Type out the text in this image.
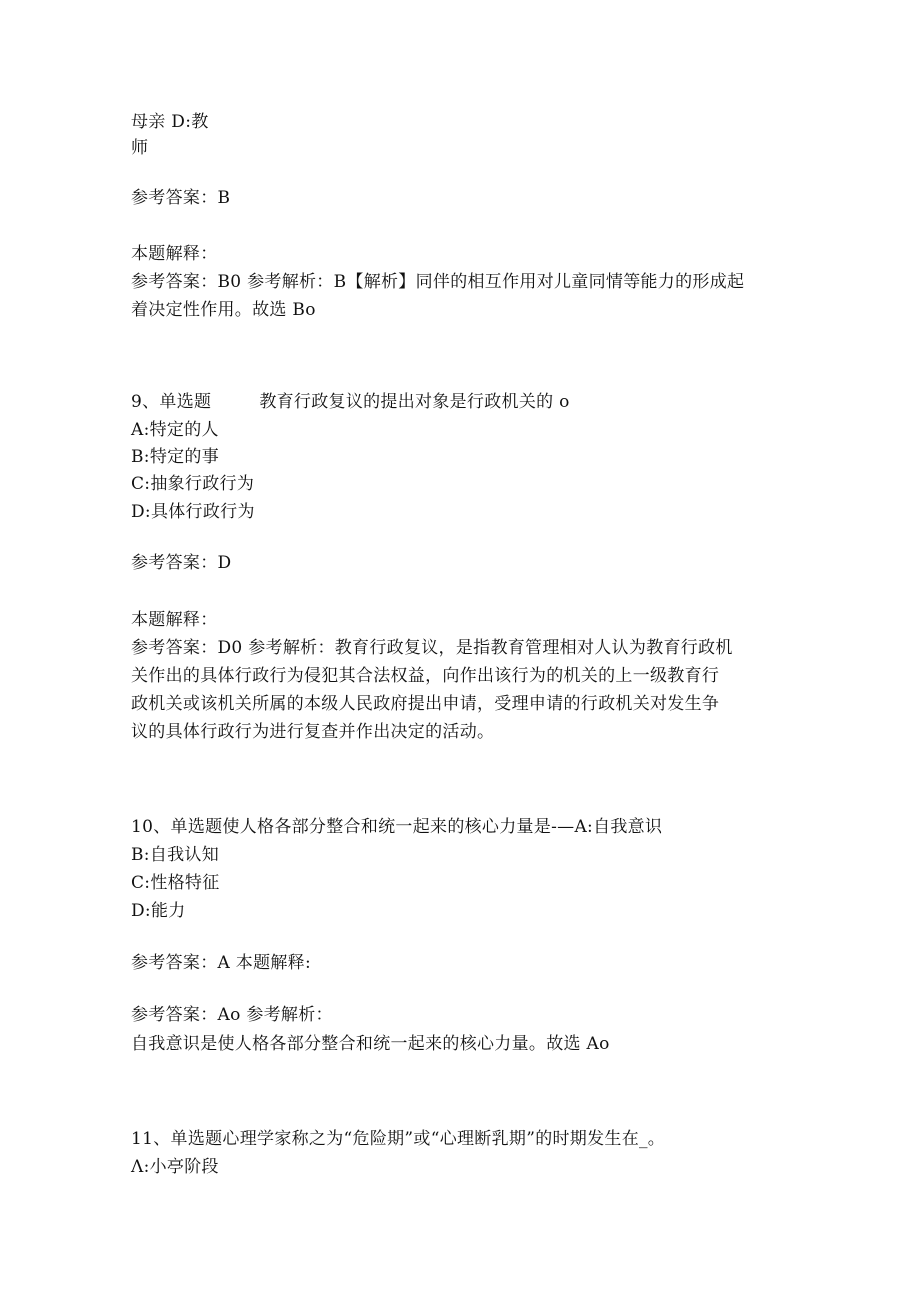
母亲 D:教
师
参考答案：B
本题解释：
参考答案：B0 参考解析：B【解析】同伴的相互作用对儿童同情等能力的形成起
着决定性作用。故选 Bo
9、单选题	教育行政复议的提出对象是行政机关的 o
A:特定的人
B:特定的事
C:抽象行政行为
D:具体行政行为
参考答案：D
本题解释：
参考答案：D0 参考解析：教育行政复议，是指教育管理相对人认为教育行政机
关作出的具体行政行为侵犯其合法权益，向作出该行为的机关的上一级教育行
政机关或该机关所属的本级人民政府提出申请，受理申请的行政机关对发生争
议的具体行政行为进行复查并作出决定的活动。
10、单选题使人格各部分整合和统一起来的核心力量是-—A:自我意识
B:自我认知
C:性格特征
D:能力
参考答案：A 本题解释:
参考答案：Ao 参考解析：
自我意识是使人格各部分整合和统一起来的核心力量。故选 Ao
11、单选题心理学家称之为“危险期”或“心理断乳期”的时期发生在_。
Λ:小亭阶段
